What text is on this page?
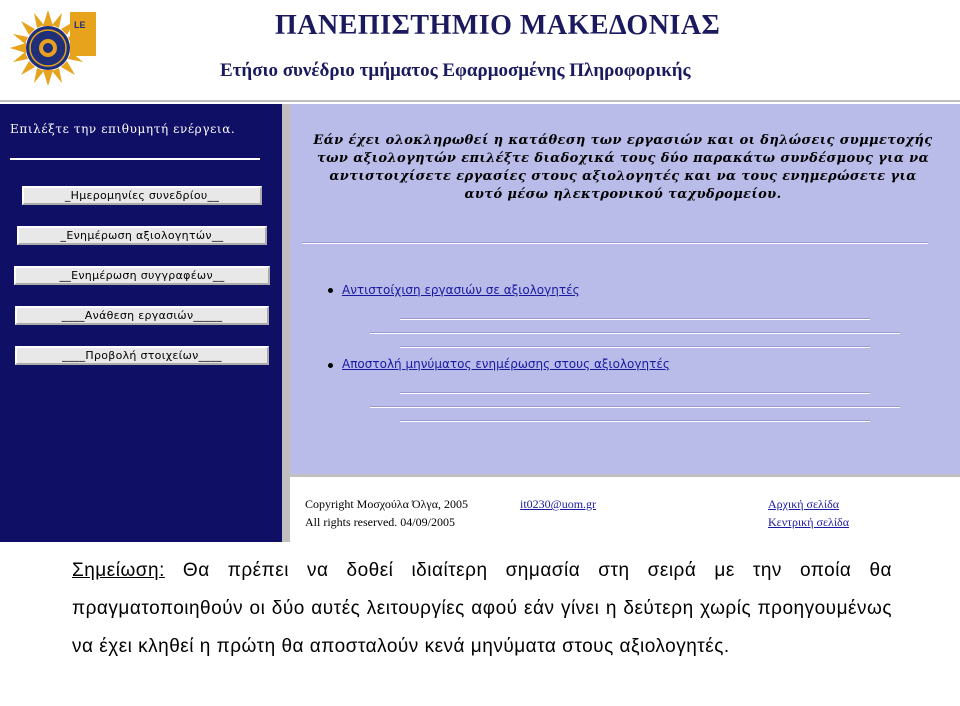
LE	ΠΑΝΕΠΙΣΤΗΜΙΟ ΜΑΚΕΔΟΝΙΑΣ
Ετήσιο συνέδριο τμήματος Εφαρμοσμένης Πληροφορικής
Επιλέξτε την επιθυμητή ενέργεια.
_Ημερομηνίες συνεδρίου__
_Ενημέρωση αξιολογητών__
__Ενημέρωση συγγραφέων__
____Ανάθεση εργασιών_____
____Προβολή στοιχείων____
Εάν έχει ολοκληρωθεί η κατάθεση των εργασιών και οι δηλώσεις συμμετοχής των αξιολογητών επιλέξτε διαδοχικά τους δύο παρακάτω συνδέσμους για να αντιστοιχίσετε εργασίες στους αξιολογητές και να τους ενημερώσετε για αυτό μέσω ηλεκτρονικού ταχυδρομείου.
Αντιστοίχιση εργασιών σε αξιολογητές
Αποστολή μηνύματος ενημέρωσης στους αξιολογητές
Copyright Μοσχούλα Όλγα, 2005	it0230@uom.gr
All rights reserved. 04/09/2005
Αρχική σελίδα
Κεντρική σελίδα
Σημείωση: Θα πρέπει να δοθεί ιδιαίτερη σημασία στη σειρά με την οποία θα πραγματοποιηθούν οι δύο αυτές λειτουργίες αφού εάν γίνει η δεύτερη χωρίς προηγουμένως να έχει κληθεί η πρώτη θα αποσταλούν κενά μηνύματα στους αξιολογητές.
